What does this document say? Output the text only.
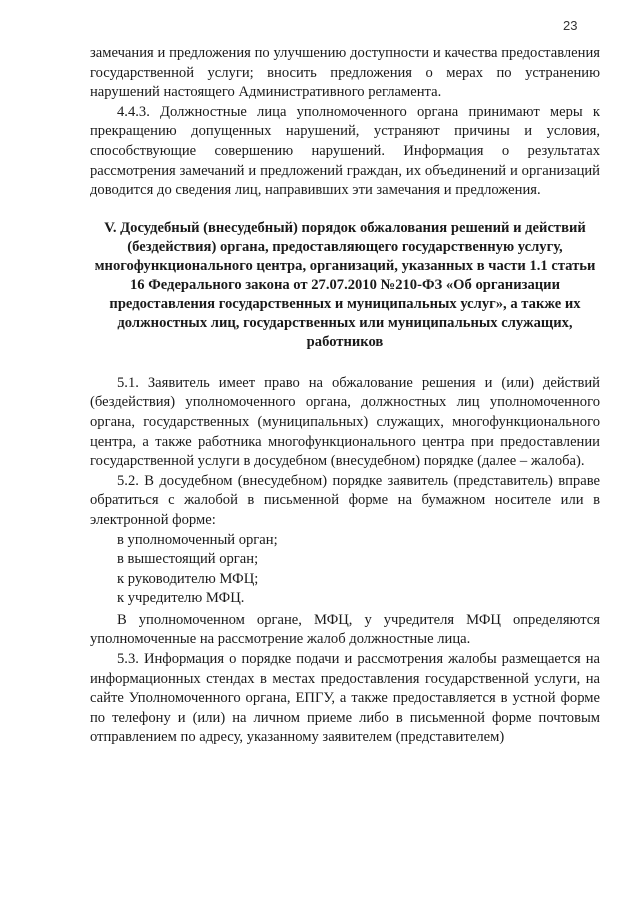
23

замечания и предложения по улучшению доступности и качества предоставления государственной услуги; вносить предложения о мерах по устранению нарушений настоящего Административного регламента.

4.4.3. Должностные лица уполномоченного органа принимают меры к прекращению допущенных нарушений, устраняют причины и условия, способствующие совершению нарушений. Информация о результатах рассмотрения замечаний и предложений граждан, их объединений и организаций доводится до сведения лиц, направивших эти замечания и предложения.

V. Досудебный (внесудебный) порядок обжалования решений и действий (бездействия) органа, предоставляющего государственную услугу, многофункционального центра, организаций, указанных в части 1.1 статьи 16 Федерального закона от 27.07.2010 №210-ФЗ «Об организации предоставления государственных и муниципальных услуг», а также их должностных лиц, государственных или муниципальных служащих, работников

5.1. Заявитель имеет право на обжалование решения и (или) действий (бездействия) уполномоченного органа, должностных лиц уполномоченного органа, государственных (муниципальных) служащих, многофункционального центра, а также работника многофункционального центра при предоставлении государственной услуги в досудебном (внесудебном) порядке (далее – жалоба).

5.2. В досудебном (внесудебном) порядке заявитель (представитель) вправе обратиться с жалобой в письменной форме на бумажном носителе или в электронной форме:

в уполномоченный орган;

в вышестоящий орган;

к руководителю МФЦ;

к учредителю МФЦ.

В уполномоченном органе, МФЦ, у учредителя МФЦ определяются уполномоченные на рассмотрение жалоб должностные лица.

5.3. Информация о порядке подачи и рассмотрения жалобы размещается на информационных стендах в местах предоставления государственной услуги, на сайте Уполномоченного органа, ЕПГУ, а также предоставляется в устной форме по телефону и (или) на личном приеме либо в письменной форме почтовым отправлением по адресу, указанному заявителем (представителем)
